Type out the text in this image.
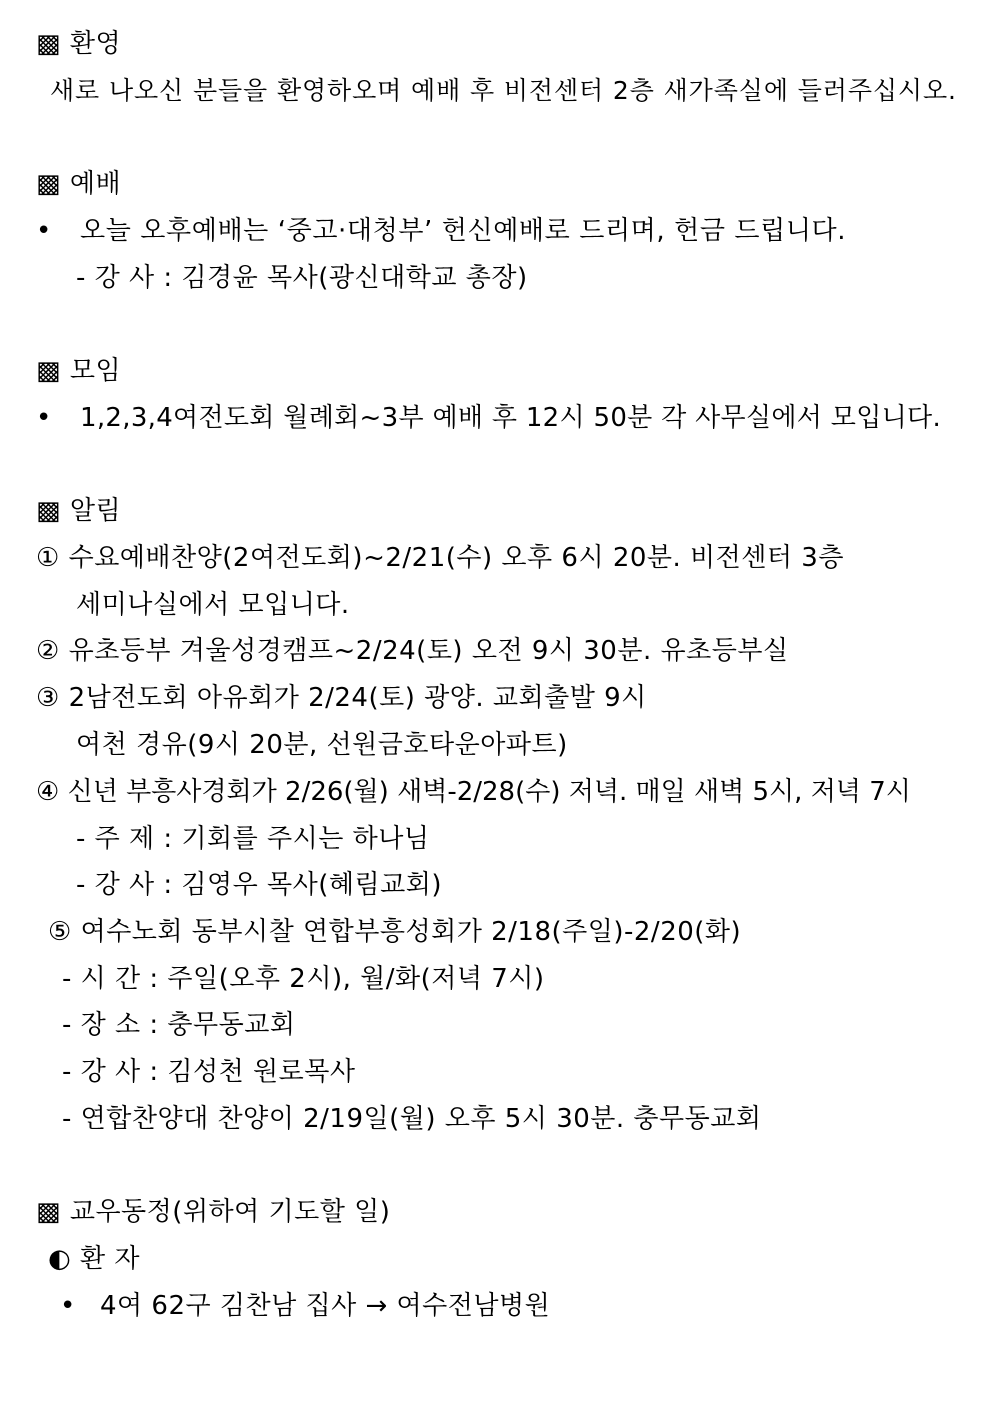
▩ 환영
새로 나오신 분들을 환영하오며 예배 후 비전센터 2층 새가족실에 들러주십시오.
▩ 예배
• 오늘 오후예배는 ‘중고·대청부’ 헌신예배로 드리며, 헌금 드립니다.
- 강 사 : 김경윤 목사(광신대학교 총장)
▩ 모임
• 1,2,3,4여전도회 월례회~3부 예배 후 12시 50분 각 사무실에서 모입니다.
▩ 알림
① 수요예배찬양(2여전도회)~2/21(수) 오후 6시 20분. 비전센터 3층
세미나실에서 모입니다.
② 유초등부 겨울성경캠프~2/24(토) 오전 9시 30분. 유초등부실
③ 2남전도회 아유회가 2/24(토) 광양. 교회출발 9시
여천 경유(9시 20분, 선원금호타운아파트)
④ 신년 부흥사경회가 2/26(월) 새벽-2/28(수) 저녁. 매일 새벽 5시, 저녁 7시
- 주 제 : 기회를 주시는 하나님
- 강 사 : 김영우 목사(혜림교회)
⑤ 여수노회 동부시찰 연합부흥성회가 2/18(주일)-2/20(화)
- 시 간 : 주일(오후 2시), 월/화(저녁 7시)
- 장 소 : 충무동교회
- 강 사 : 김성천 원로목사
- 연합찬양대 찬양이 2/19일(월) 오후 5시 30분. 충무동교회
▩ 교우동정(위하여 기도할 일)
◐ 환 자
• 4여 62구 김찬남 집사 → 여수전남병원
